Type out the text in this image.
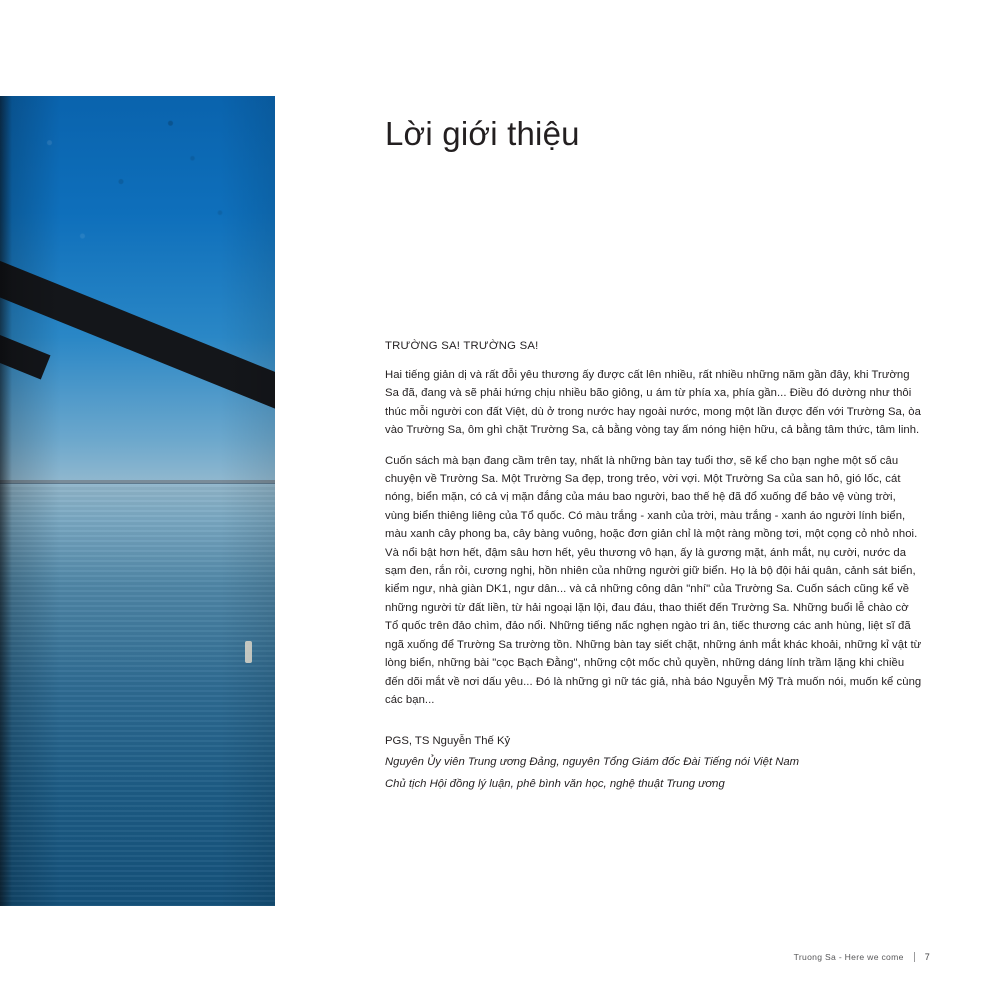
Lời giới thiệu

TRƯỜNG SA! TRƯỜNG SA!

Hai tiếng giản dị và rất đỗi yêu thương ấy được cất lên nhiều, rất nhiều những năm gần đây, khi Trường Sa đã, đang và sẽ phải hứng chịu nhiều bão giông, u ám từ phía xa, phía gần... Điều đó dường như thôi thúc mỗi người con đất Việt, dù ở trong nước hay ngoài nước, mong một lần được đến với Trường Sa, òa vào Trường Sa, ôm ghì chặt Trường Sa, cả bằng vòng tay ấm nóng hiện hữu, cả bằng tâm thức, tâm linh.

Cuốn sách mà bạn đang cầm trên tay, nhất là những bàn tay tuổi thơ, sẽ kể cho bạn nghe một số câu chuyện về Trường Sa. Một Trường Sa đẹp, trong trẻo, vời vợi. Một Trường Sa của san hô, gió lốc, cát nóng, biển mặn, có cả vị mặn đắng của máu bao người, bao thế hệ đã đổ xuống để bảo vệ vùng trời, vùng biển thiêng liêng của Tổ quốc. Có màu trắng - xanh của trời, màu trắng - xanh áo người lính biển, màu xanh cây phong ba, cây bàng vuông, hoặc đơn giản chỉ là một ràng mồng tơi, một cọng cỏ nhỏ nhoi. Và nổi bật hơn hết, đậm sâu hơn hết, yêu thương vô hạn, ấy là gương mặt, ánh mắt, nụ cười, nước da sạm đen, rắn rỏi, cương nghị, hồn nhiên của những người giữ biển. Họ là bộ đội hải quân, cảnh sát biển, kiểm ngư, nhà giàn DK1, ngư dân... và cả những công dân "nhí" của Trường Sa. Cuốn sách cũng kể về những người từ đất liền, từ hải ngoại lặn lội, đau đáu, thao thiết đến Trường Sa. Những buổi lễ chào cờ Tổ quốc trên đảo chìm, đảo nổi. Những tiếng nấc nghẹn ngào tri ân, tiếc thương các anh hùng, liệt sĩ đã ngã xuống để Trường Sa trường tồn. Những bàn tay siết chặt, những ánh mắt khác khoải, những kỉ vật từ lòng biển, những bài "cọc Bạch Đằng", những cột mốc chủ quyền, những dáng lính trầm lặng khi chiều đến dõi mắt về nơi dấu yêu... Đó là những gì nữ tác giả, nhà báo Nguyễn Mỹ Trà muốn nói, muốn kể cùng các bạn...

PGS, TS Nguyễn Thế Kỷ

Nguyên Ủy viên Trung ương Đảng, nguyên Tổng Giám đốc Đài Tiếng nói Việt Nam

Chủ tịch Hội đồng lý luận, phê bình văn học, nghệ thuật Trung ương

Truong Sa - Here we come 7
